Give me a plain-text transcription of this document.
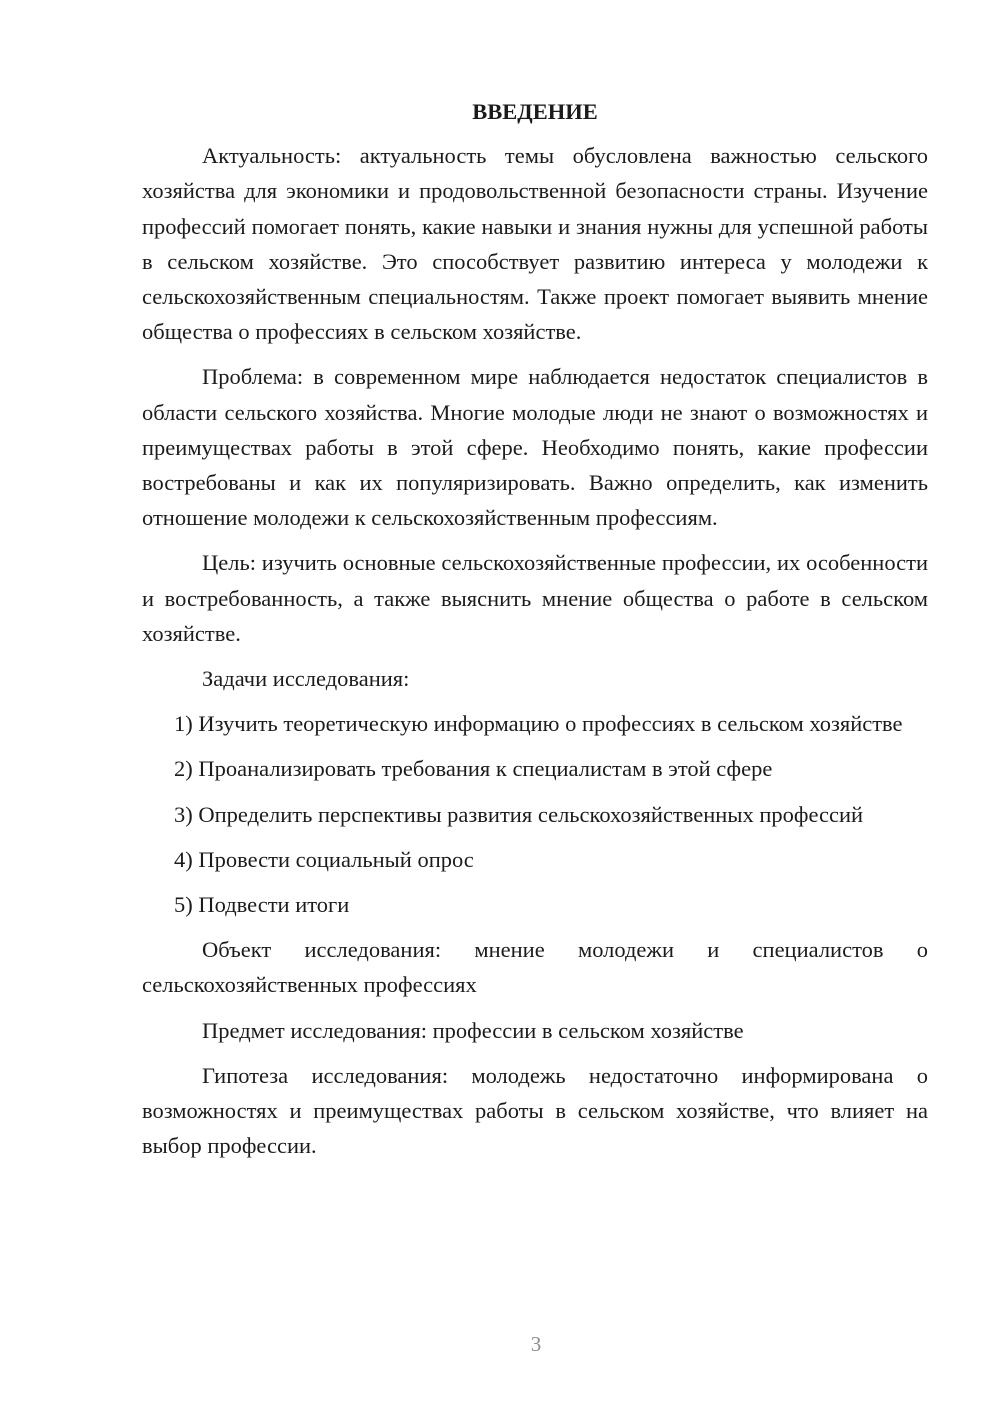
ВВЕДЕНИЕ

Актуальность: актуальность темы обусловлена важностью сельского хозяйства для экономики и продовольственной безопасности страны. Изучение профессий помогает понять, какие навыки и знания нужны для успешной работы в сельском хозяйстве. Это способствует развитию интереса у молодежи к сельскохозяйственным специальностям. Также проект помогает выявить мнение общества о профессиях в сельском хозяйстве.

Проблема: в современном мире наблюдается недостаток специалистов в области сельского хозяйства. Многие молодые люди не знают о возможностях и преимуществах работы в этой сфере. Необходимо понять, какие профессии востребованы и как их популяризировать. Важно определить, как изменить отношение молодежи к сельскохозяйственным профессиям.

Цель: изучить основные сельскохозяйственные профессии, их особенности и востребованность, а также выяснить мнение общества о работе в сельском хозяйстве.

Задачи исследования:

1) Изучить теоретическую информацию о профессиях в сельском хозяйстве

2) Проанализировать требования к специалистам в этой сфере

3) Определить перспективы развития сельскохозяйственных профессий

4) Провести социальный опрос

5) Подвести итоги

Объект исследования: мнение молодежи и специалистов о сельскохозяйственных профессиях

Предмет исследования: профессии в сельском хозяйстве

Гипотеза исследования: молодежь недостаточно информирована о возможностях и преимуществах работы в сельском хозяйстве, что влияет на выбор профессии.

3
